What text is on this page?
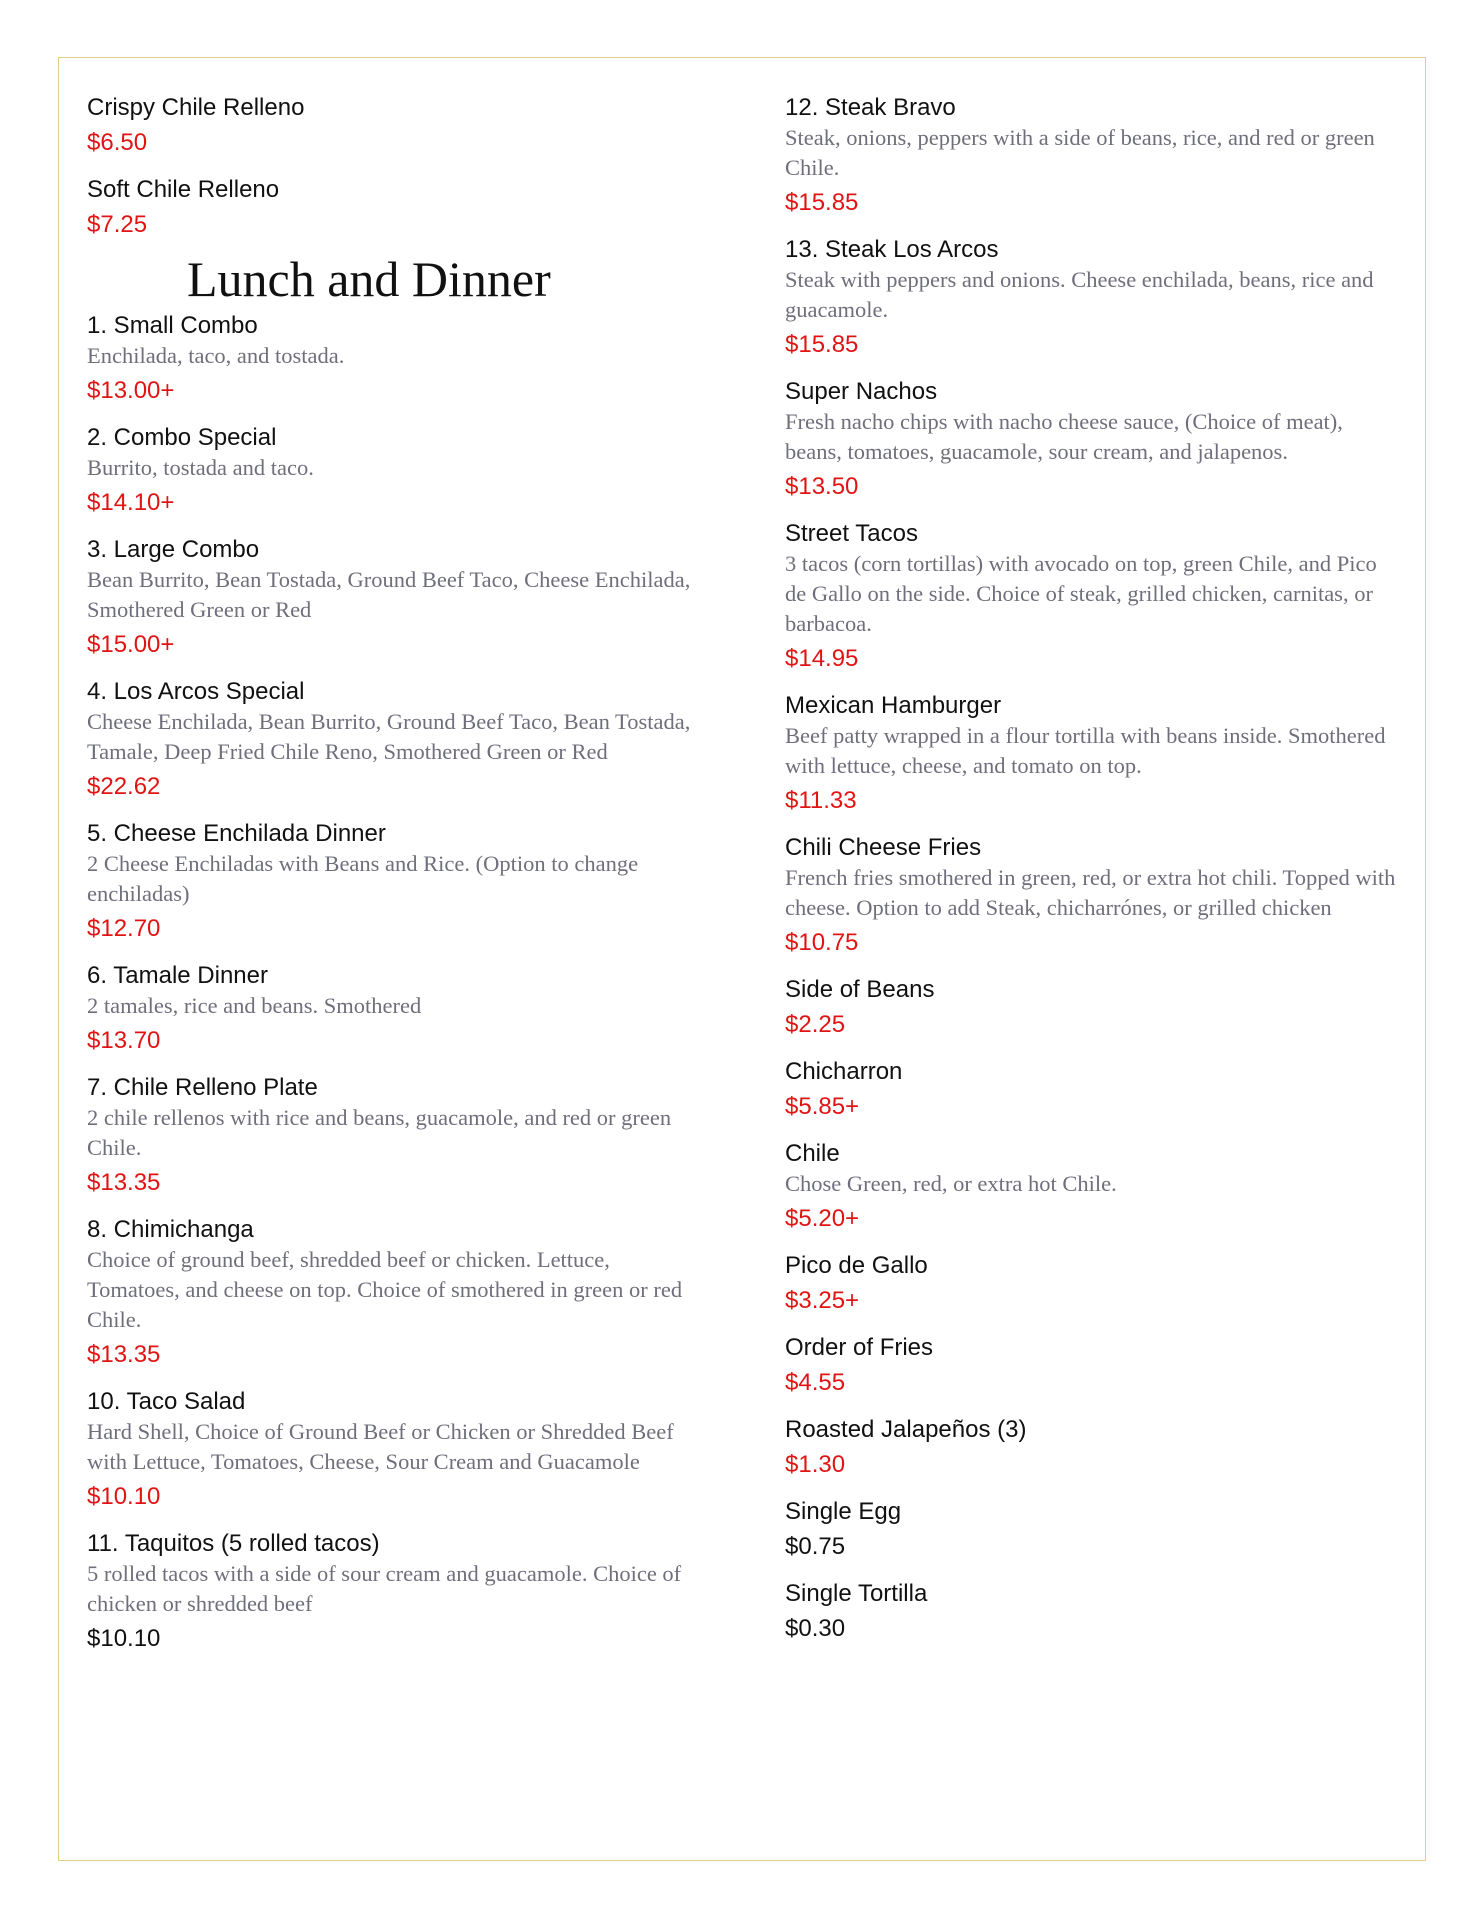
Crispy Chile Relleno
$6.50
Soft Chile Relleno
$7.25
Lunch and Dinner
1. Small Combo
Enchilada, taco, and tostada.
$13.00+
2. Combo Special
Burrito, tostada and taco.
$14.10+
3. Large Combo
Bean Burrito, Bean Tostada, Ground Beef Taco, Cheese Enchilada, Smothered Green or Red
$15.00+
4. Los Arcos Special
Cheese Enchilada, Bean Burrito, Ground Beef Taco, Bean Tostada, Tamale, Deep Fried Chile Reno, Smothered Green or Red
$22.62
5. Cheese Enchilada Dinner
2 Cheese Enchiladas with Beans and Rice. (Option to change enchiladas)
$12.70
6. Tamale Dinner
2 tamales, rice and beans. Smothered
$13.70
7. Chile Relleno Plate
2 chile rellenos with rice and beans, guacamole, and red or green Chile.
$13.35
8. Chimichanga
Choice of ground beef, shredded beef or chicken. Lettuce, Tomatoes, and cheese on top. Choice of smothered in green or red Chile.
$13.35
10. Taco Salad
Hard Shell, Choice of Ground Beef or Chicken or Shredded Beef with Lettuce, Tomatoes, Cheese, Sour Cream and Guacamole
$10.10
11. Taquitos (5 rolled tacos)
5 rolled tacos with a side of sour cream and guacamole. Choice of chicken or shredded beef
$10.10
12. Steak Bravo
Steak, onions, peppers with a side of beans, rice, and red or green Chile.
$15.85
13. Steak Los Arcos
Steak with peppers and onions. Cheese enchilada, beans, rice and guacamole.
$15.85
Super Nachos
Fresh nacho chips with nacho cheese sauce, (Choice of meat), beans, tomatoes, guacamole, sour cream, and jalapenos.
$13.50
Street Tacos
3 tacos (corn tortillas) with avocado on top, green Chile, and Pico de Gallo on the side. Choice of steak, grilled chicken, carnitas, or barbacoa.
$14.95
Mexican Hamburger
Beef patty wrapped in a flour tortilla with beans inside. Smothered with lettuce, cheese, and tomato on top.
$11.33
Chili Cheese Fries
French fries smothered in green, red, or extra hot chili. Topped with cheese. Option to add Steak, chicharrónes, or grilled chicken
$10.75
Side of Beans
$2.25
Chicharron
$5.85+
Chile
Chose Green, red, or extra hot Chile.
$5.20+
Pico de Gallo
$3.25+
Order of Fries
$4.55
Roasted Jalapeños (3)
$1.30
Single Egg
$0.75
Single Tortilla
$0.30
